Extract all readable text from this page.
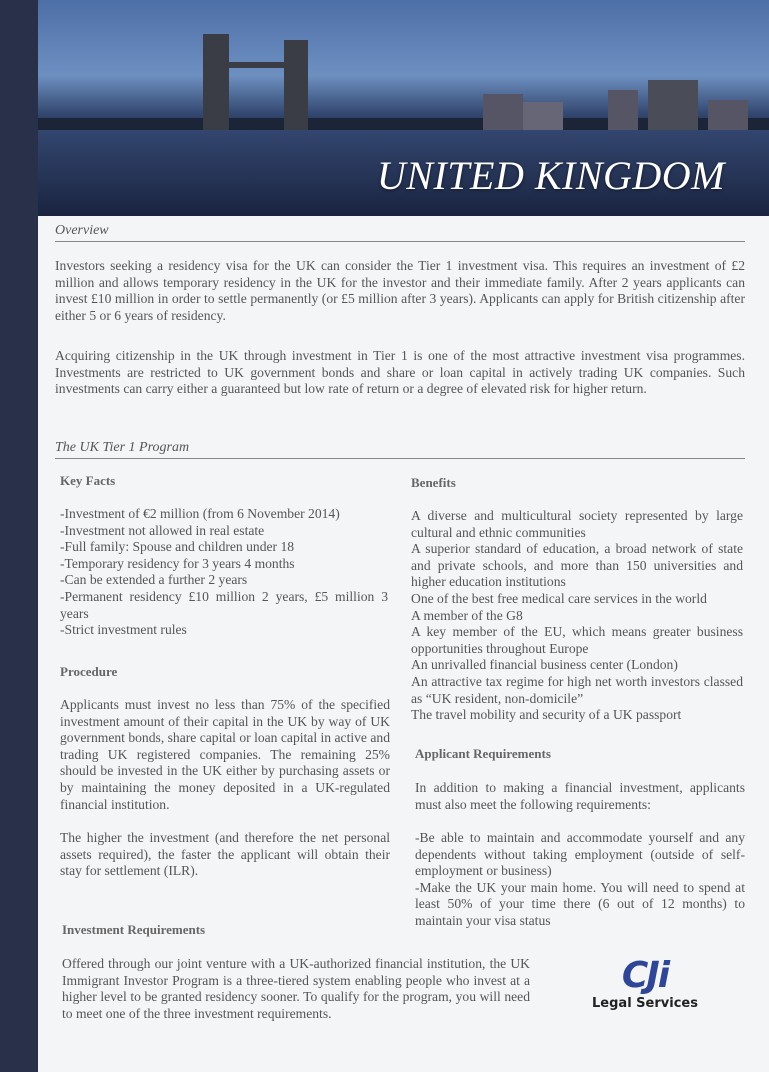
UNITED KINGDOM
Overview
Investors seeking a residency visa for the UK can consider the Tier 1 investment visa. This requires an investment of £2 million and allows temporary residency in the UK for the investor and their immediate family. After 2 years applicants can invest £10 million in order to settle permanently (or £5 million after 3 years). Applicants can apply for British citizenship after either 5 or 6 years of residency.
Acquiring citizenship in the UK through investment in Tier 1 is one of the most attractive investment visa programmes. Investments are restricted to UK government bonds and share or loan capital in actively trading UK companies. Such investments can carry either a guaranteed but low rate of return or a degree of elevated risk for higher return.
The UK Tier 1 Program
Key Facts
-Investment of €2 million (from 6 November 2014)
-Investment not allowed in real estate
-Full family: Spouse and children under 18
-Temporary residency for 3 years 4 months
-Can be extended a further 2 years
-Permanent residency £10 million 2 years, £5 million 3 years
-Strict investment rules
Procedure
Applicants must invest no less than 75% of the specified investment amount of their capital in the UK by way of UK government bonds, share capital or loan capital in active and trading UK registered companies. The remaining 25% should be invested in the UK either by purchasing assets or by maintaining the money deposited in a UK-regulated financial institution.
The higher the investment (and therefore the net personal assets required), the faster the applicant will obtain their stay for settlement (ILR).
Benefits
A diverse and multicultural society represented by large cultural and ethnic communities
A superior standard of education, a broad network of state and private schools, and more than 150 universities and higher education institutions
One of the best free medical care services in the world
A member of the G8
A key member of the EU, which means greater business opportunities throughout Europe
An unrivalled financial business center (London)
An attractive tax regime for high net worth investors classed as “UK resident, non-domicile”
The travel mobility and security of a UK passport
Applicant Requirements
In addition to making a financial investment, applicants must also meet the following requirements:
-Be able to maintain and accommodate yourself and any dependents without taking employment (outside of self-employment or business)
-Make the UK your main home. You will need to spend at least 50% of your time there (6 out of 12 months) to maintain your visa status
Investment Requirements
Offered through our joint venture with a UK-authorized financial institution, the UK Immigrant Investor Program is a three-tiered system enabling people who invest at a higher level to be granted residency sooner. To qualify for the program, you will need to meet one of the three investment requirements.
CJi
Legal Services
